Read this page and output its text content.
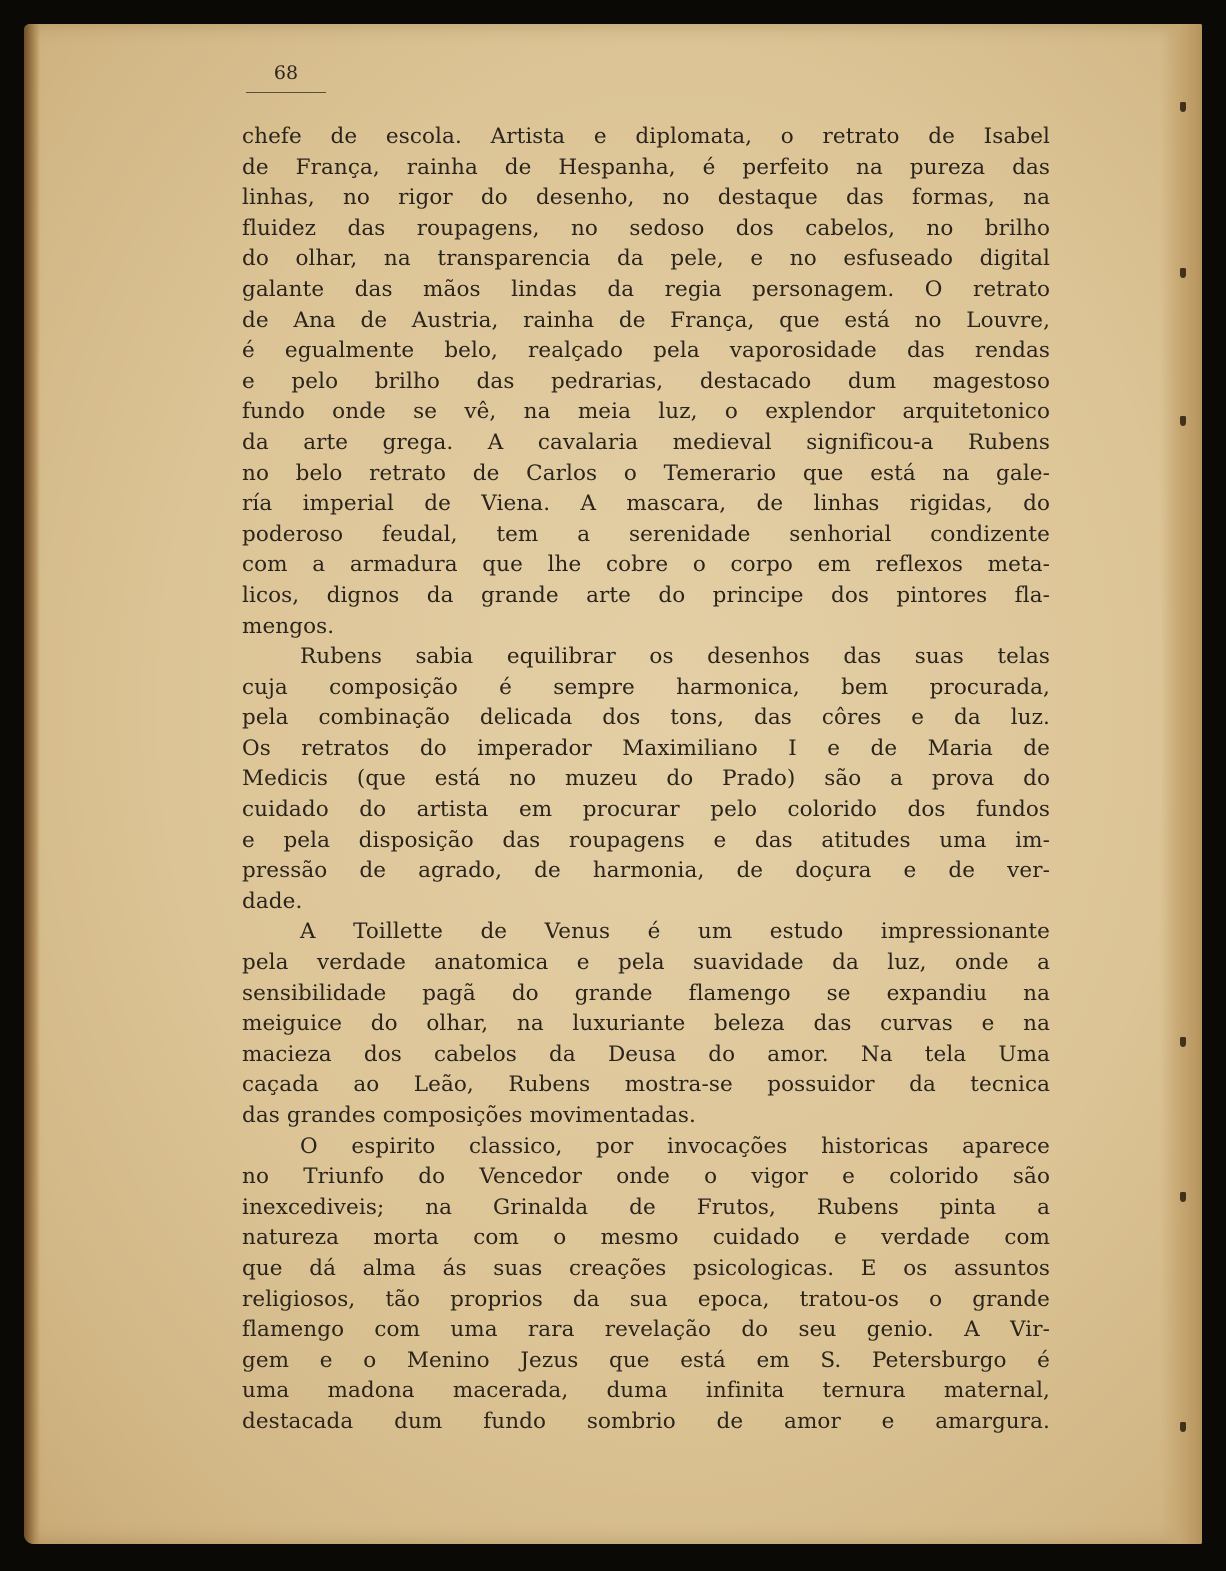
68
chefe de escola. Artista e diplomata, o retrato de Isabel
de França, rainha de Hespanha, é perfeito na pureza das
linhas, no rigor do desenho, no destaque das formas, na
fluidez das roupagens, no sedoso dos cabelos, no brilho
do olhar, na transparencia da pele, e no esfuseado digital
galante das mãos lindas da regia personagem. O retrato
de Ana de Austria, rainha de França, que está no Louvre,
é egualmente belo, realçado pela vaporosidade das rendas
e pelo brilho das pedrarias, destacado dum magestoso
fundo onde se vê, na meia luz, o explendor arquitetonico
da arte grega. A cavalaria medieval significou-a Rubens
no belo retrato de Carlos o Temerario que está na gale-
ría imperial de Viena. A mascara, de linhas rigidas, do
poderoso feudal, tem a serenidade senhorial condizente
com a armadura que lhe cobre o corpo em reflexos meta-
licos, dignos da grande arte do principe dos pintores fla-
mengos.
Rubens sabia equilibrar os desenhos das suas telas
cuja composição é sempre harmonica, bem procurada,
pela combinação delicada dos tons, das côres e da luz.
Os retratos do imperador Maximiliano I e de Maria de
Medicis (que está no muzeu do Prado) são a prova do
cuidado do artista em procurar pelo colorido dos fundos
e pela disposição das roupagens e das atitudes uma im-
pressão de agrado, de harmonia, de doçura e de ver-
dade.
A Toillette de Venus é um estudo impressionante
pela verdade anatomica e pela suavidade da luz, onde a
sensibilidade pagã do grande flamengo se expandiu na
meiguice do olhar, na luxuriante beleza das curvas e na
macieza dos cabelos da Deusa do amor. Na tela Uma
caçada ao Leão, Rubens mostra-se possuidor da tecnica
das grandes composições movimentadas.
O espirito classico, por invocações historicas aparece
no Triunfo do Vencedor onde o vigor e colorido são
inexcediveis; na Grinalda de Frutos, Rubens pinta a
natureza morta com o mesmo cuidado e verdade com
que dá alma ás suas creações psicologicas. E os assuntos
religiosos, tão proprios da sua epoca, tratou-os o grande
flamengo com uma rara revelação do seu genio. A Vir-
gem e o Menino Jezus que está em S. Petersburgo é
uma madona macerada, duma infinita ternura maternal,
destacada dum fundo sombrio de amor e amargura.
